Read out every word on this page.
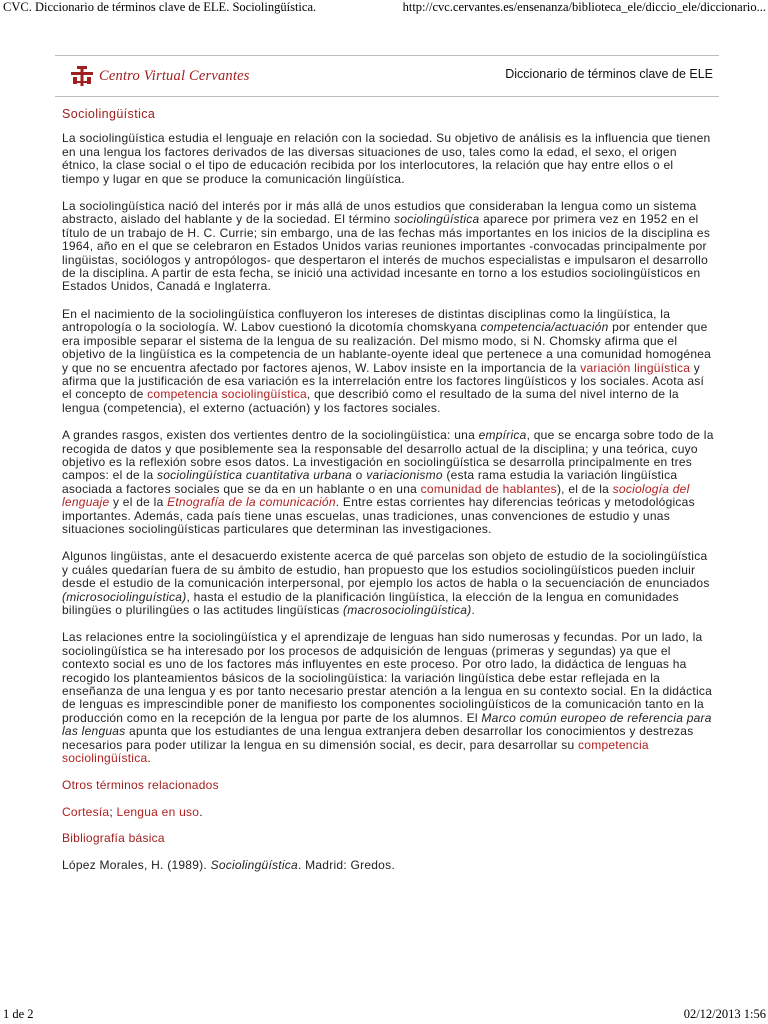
CVC. Diccionario de términos clave de ELE. Sociolingüística.	http://cvc.cervantes.es/ensenanza/biblioteca_ele/diccio_ele/diccionario...
Centro Virtual Cervantes	Diccionario de términos clave de ELE
Sociolingüística

La sociolingüística estudia el lenguaje en relación con la sociedad. Su objetivo de análisis es la influencia que tienen en una lengua los factores derivados de las diversas situaciones de uso, tales como la edad, el sexo, el origen étnico, la clase social o el tipo de educación recibida por los interlocutores, la relación que hay entre ellos o el tiempo y lugar en que se produce la comunicación lingüística.

La sociolingüística nació del interés por ir más allá de unos estudios que consideraban la lengua como un sistema abstracto, aislado del hablante y de la sociedad. El término sociolingüística aparece por primera vez en 1952 en el título de un trabajo de H. C. Currie; sin embargo, una de las fechas más importantes en los inicios de la disciplina es 1964, año en el que se celebraron en Estados Unidos varias reuniones importantes -convocadas principalmente por lingüistas, sociólogos y antropólogos- que despertaron el interés de muchos especialistas e impulsaron el desarrollo de la disciplina. A partir de esta fecha, se inició una actividad incesante en torno a los estudios sociolingüísticos en Estados Unidos, Canadá e Inglaterra.

En el nacimiento de la sociolingüística confluyeron los intereses de distintas disciplinas como la lingüística, la antropología o la sociología. W. Labov cuestionó la dicotomía chomskyana competencia/actuación por entender que era imposible separar el sistema de la lengua de su realización. Del mismo modo, si N. Chomsky afirma que el objetivo de la lingüística es la competencia de un hablante-oyente ideal que pertenece a una comunidad homogénea y que no se encuentra afectado por factores ajenos, W. Labov insiste en la importancia de la variación lingüística y afirma que la justificación de esa variación es la interrelación entre los factores lingüísticos y los sociales. Acota así el concepto de competencia sociolingüística, que describió como el resultado de la suma del nivel interno de la lengua (competencia), el externo (actuación) y los factores sociales.

A grandes rasgos, existen dos vertientes dentro de la sociolingüística: una empírica, que se encarga sobre todo de la recogida de datos y que posiblemente sea la responsable del desarrollo actual de la disciplina; y una teórica, cuyo objetivo es la reflexión sobre esos datos. La investigación en sociolingüística se desarrolla principalmente en tres campos: el de la sociolingüística cuantitativa urbana o variacionismo (esta rama estudia la variación lingüística asociada a factores sociales que se da en un hablante o en una comunidad de hablantes), el de la sociología del lenguaje y el de la Etnografía de la comunicación. Entre estas corrientes hay diferencias teóricas y metodológicas importantes. Además, cada país tiene unas escuelas, unas tradiciones, unas convenciones de estudio y unas situaciones sociolingüísticas particulares que determinan las investigaciones.

Algunos lingüistas, ante el desacuerdo existente acerca de qué parcelas son objeto de estudio de la sociolingüística y cuáles quedarían fuera de su ámbito de estudio, han propuesto que los estudios sociolingüísticos pueden incluir desde el estudio de la comunicación interpersonal, por ejemplo los actos de habla o la secuenciación de enunciados (microsociolinguística), hasta el estudio de la planificación lingüística, la elección de la lengua en comunidades bilingües o plurilingües o las actitudes lingüísticas (macrosociolingüística).

Las relaciones entre la sociolingüística y el aprendizaje de lenguas han sido numerosas y fecundas. Por un lado, la sociolingüística se ha interesado por los procesos de adquisición de lenguas (primeras y segundas) ya que el contexto social es uno de los factores más influyentes en este proceso. Por otro lado, la didáctica de lenguas ha recogido los planteamientos básicos de la sociolingüística: la variación lingüística debe estar reflejada en la enseñanza de una lengua y es por tanto necesario prestar atención a la lengua en su contexto social. En la didáctica de lenguas es imprescindible poner de manifiesto los componentes sociolingüísticos de la comunicación tanto en la producción como en la recepción de la lengua por parte de los alumnos. El Marco común europeo de referencia para las lenguas apunta que los estudiantes de una lengua extranjera deben desarrollar los conocimientos y destrezas necesarios para poder utilizar la lengua en su dimensión social, es decir, para desarrollar su competencia sociolingüística.

Otros términos relacionados
Cortesía; Lengua en uso.
Bibliografía básica
López Morales, H. (1989). Sociolingüística. Madrid: Gredos.
1 de 2	02/12/2013 1:56
